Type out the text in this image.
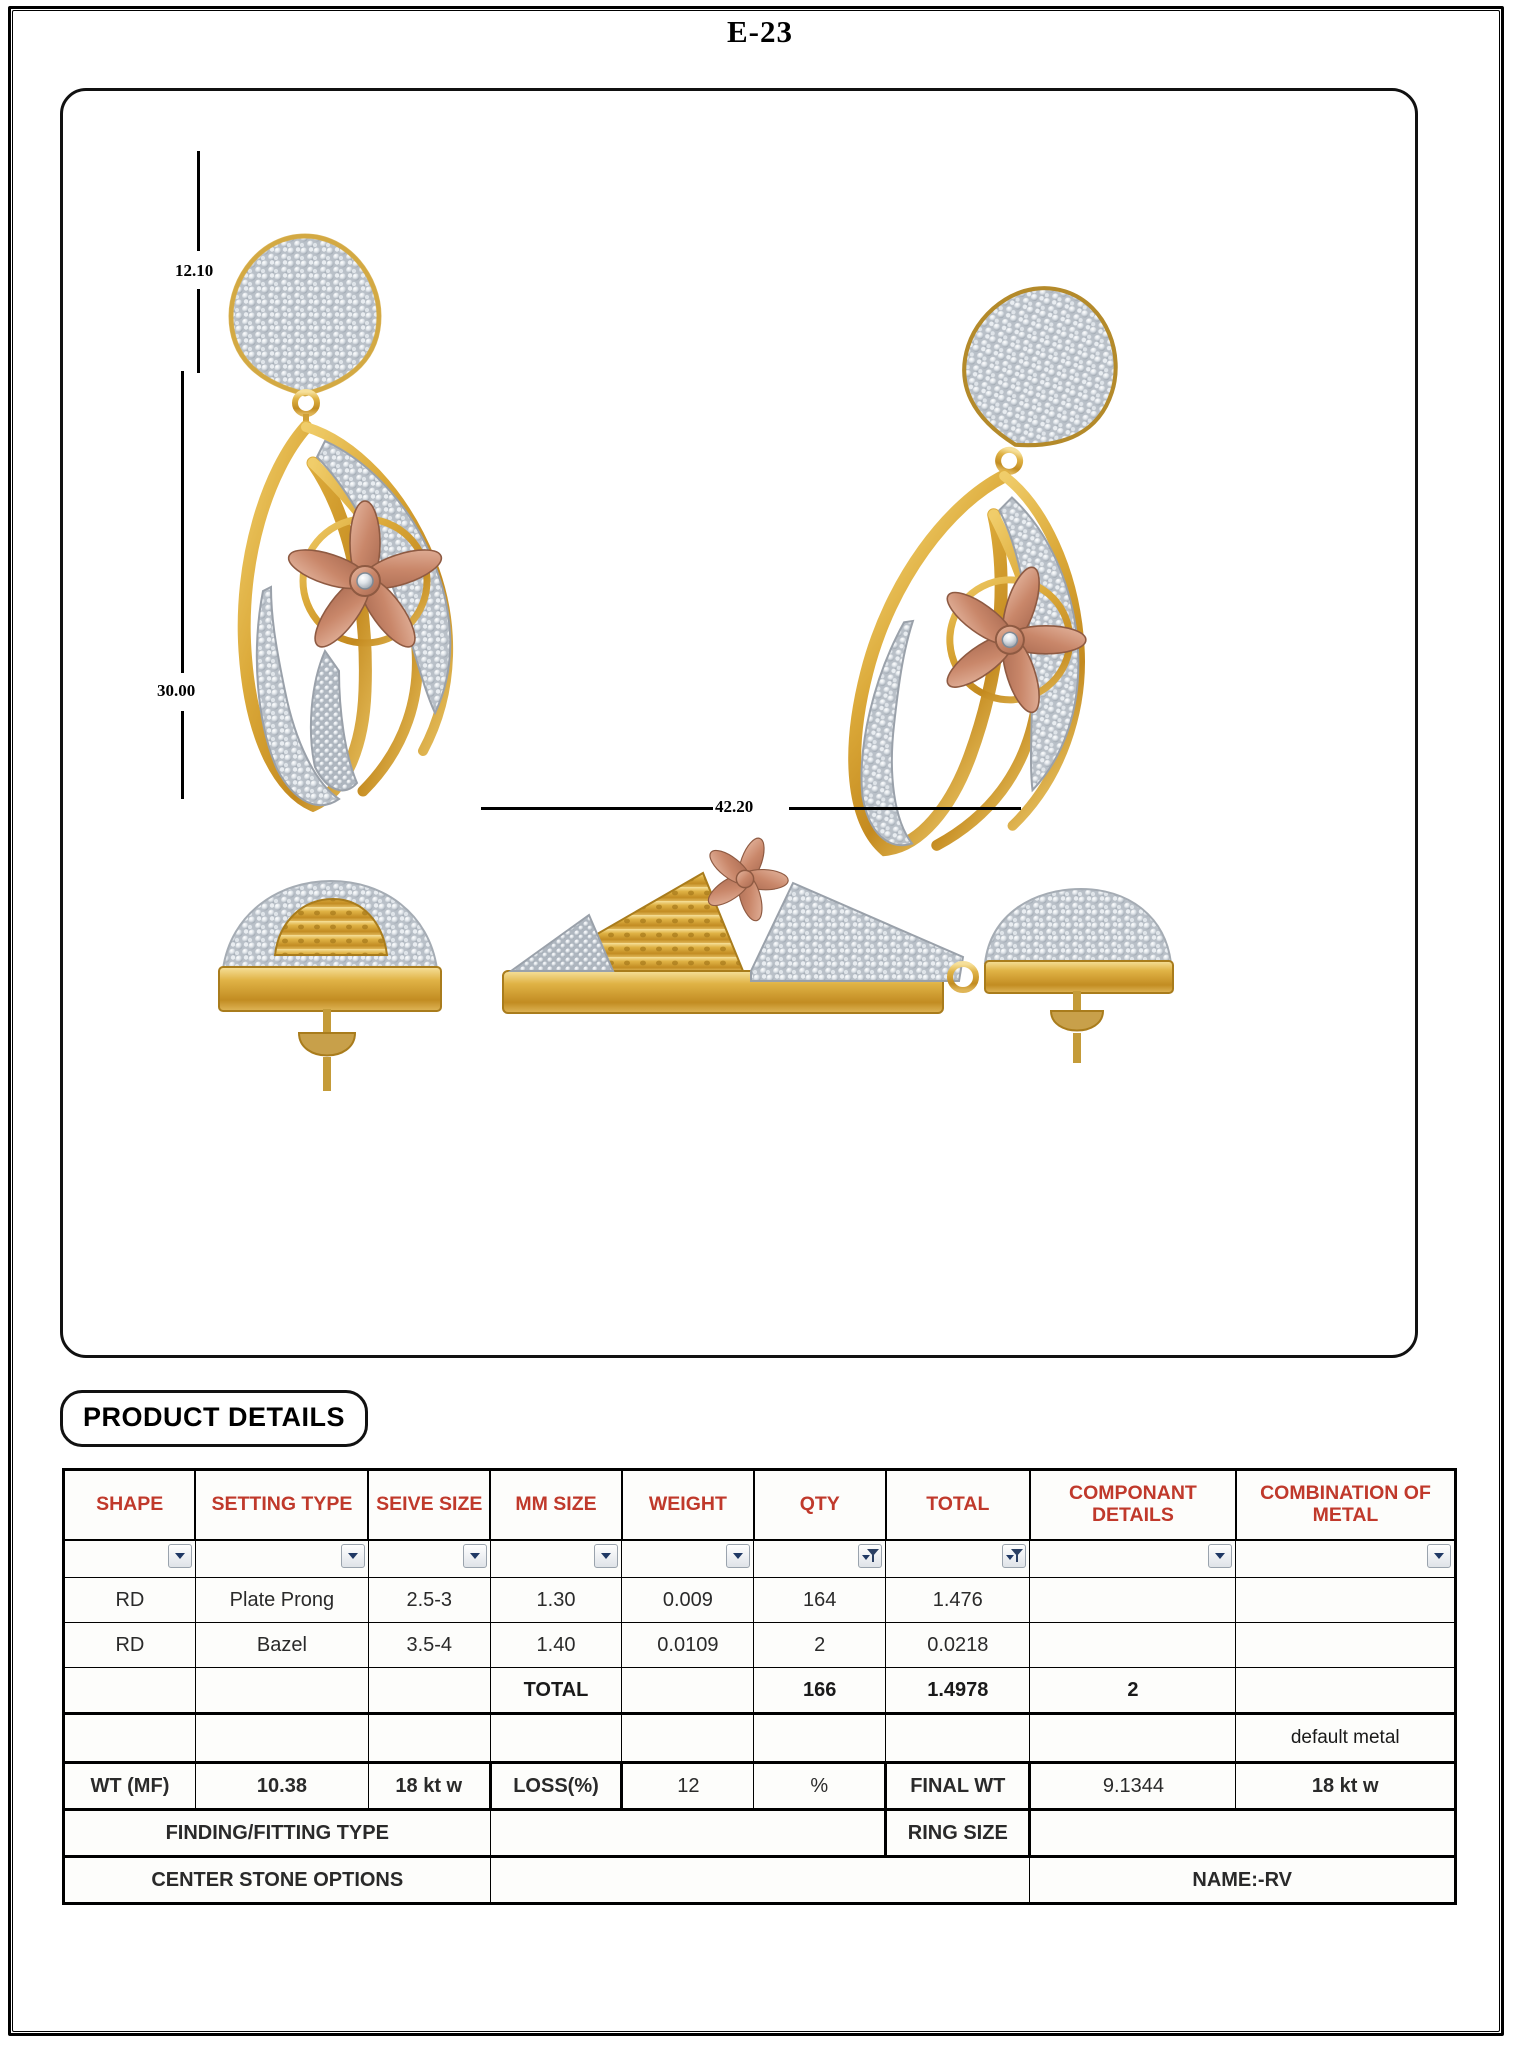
E-23
12.10
30.00
42.20
PRODUCT DETAILS
SHAPE	SETTING TYPE	SEIVE SIZE	MM SIZE	WEIGHT	QTY	TOTAL	COMPONANT DETAILS	COMBINATION OF METAL

RD	Plate Prong	2.5-3	1.30	0.009	164	1.476		
RD	Bazel	3.5-4	1.40	0.0109	2	0.0218		
			TOTAL		166	1.4978	2	
								default metal
WT (MF)	10.38	18 kt w	LOSS(%)	12	%	FINAL WT	9.1344	18 kt w
FINDING/FITTING TYPE						RING SIZE		
CENTER STONE OPTIONS							NAME:-RV	
